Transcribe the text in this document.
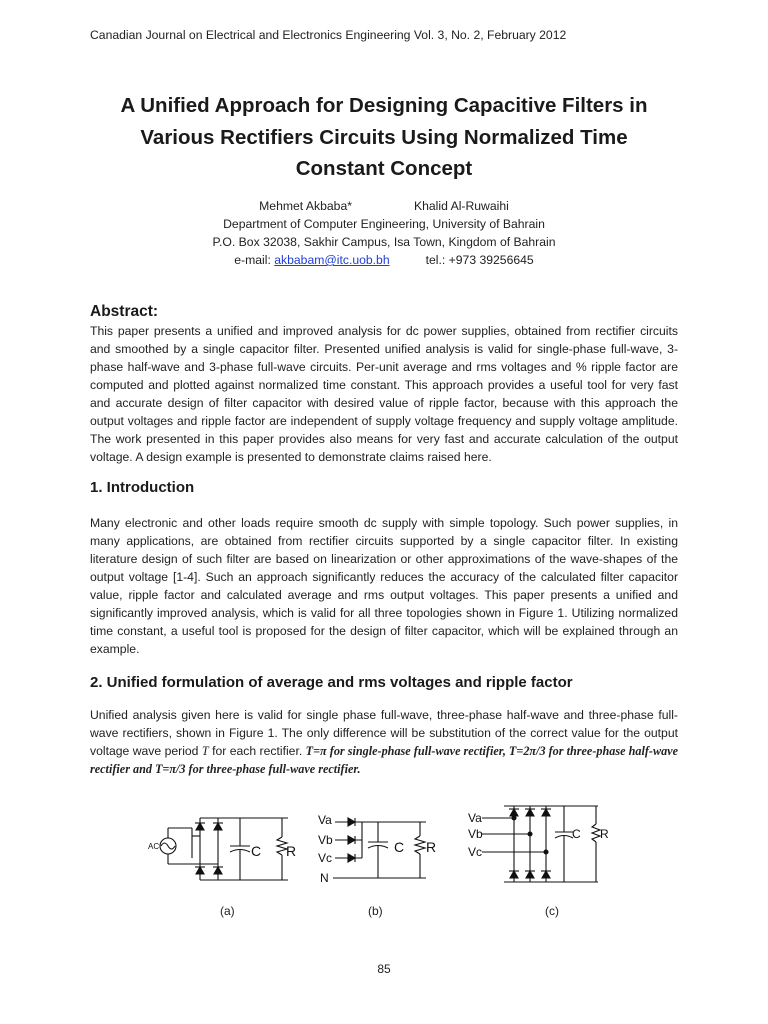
Canadian Journal on Electrical and Electronics Engineering Vol. 3, No. 2, February 2012
A Unified Approach for Designing Capacitive Filters in
Various Rectifiers Circuits Using Normalized Time
Constant Concept
Mehmet Akbaba*	Khalid Al-Ruwaihi
Department of Computer Engineering, University of Bahrain
P.O. Box 32038, Sakhir Campus, Isa Town, Kingdom of Bahrain
e-mail: akbabam@itc.uob.bh	tel.: +973 39256645
Abstract:
This paper presents a unified and improved analysis for dc power supplies, obtained from rectifier circuits and smoothed by a single capacitor filter. Presented unified analysis is valid for single-phase full-wave, 3-phase half-wave and 3-phase full-wave circuits. Per-unit average and rms voltages and % ripple factor are computed and plotted against normalized time constant. This approach provides a useful tool for very fast and accurate design of filter capacitor with desired value of ripple factor, because with this approach the output voltages and ripple factor are independent of supply voltage frequency and supply voltage amplitude. The work presented in this paper provides also means for very fast and accurate calculation of the output voltage. A design example is presented to demonstrate claims raised here.
1. Introduction
Many electronic and other loads require smooth dc supply with simple topology. Such power supplies, in many applications, are obtained from rectifier circuits supported by a single capacitor filter. In existing literature design of such filter are based on linearization or other approximations of the wave-shapes of the output voltage [1-4]. Such an approach significantly reduces the accuracy of the calculated filter capacitor value, ripple factor and calculated average and rms output voltages. This paper presents a unified and significantly improved analysis, which is valid for all three topologies shown in Figure 1. Utilizing normalized time constant, a useful tool is proposed for the design of filter capacitor, which will be explained through an example.
2. Unified formulation of average and rms voltages and ripple factor
Unified analysis given here is valid for single phase full-wave, three-phase half-wave and three-phase full-wave rectifiers, shown in Figure 1. The only difference will be substitution of the correct value for the output voltage wave period T for each rectifier. T=π for single-phase full-wave rectifier, T=2π/3 for three-phase half-wave rectifier and T=π/3 for three-phase full-wave rectifier.
AC	C R
Va
Vb
Vc
N
C R
Va
Vb
Vc
C R
(a)	(b)	(c)
85
